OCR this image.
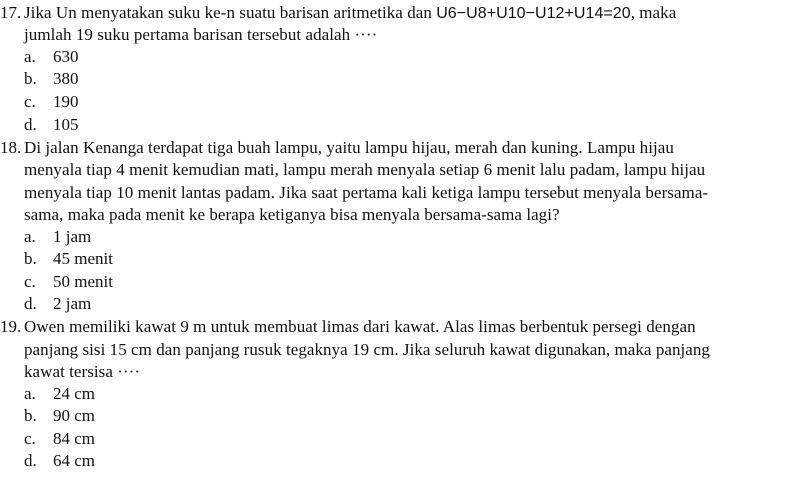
17. Jika Un menyatakan suku ke-n suatu barisan aritmetika dan U6−U8+U10−U12+U14=20, maka
jumlah 19 suku pertama barisan tersebut adalah ····
a. 630
b. 380
c. 190
d. 105
18. Di jalan Kenanga terdapat tiga buah lampu, yaitu lampu hijau, merah dan kuning. Lampu hijau
menyala tiap 4 menit kemudian mati, lampu merah menyala setiap 6 menit lalu padam, lampu hijau
menyala tiap 10 menit lantas padam. Jika saat pertama kali ketiga lampu tersebut menyala bersama-
sama, maka pada menit ke berapa ketiganya bisa menyala bersama-sama lagi?
a. 1 jam
b. 45 menit
c. 50 menit
d. 2 jam
19. Owen memiliki kawat 9 m untuk membuat limas dari kawat. Alas limas berbentuk persegi dengan
panjang sisi 15 cm dan panjang rusuk tegaknya 19 cm. Jika seluruh kawat digunakan, maka panjang
kawat tersisa ····
a. 24 cm
b. 90 cm
c. 84 cm
d. 64 cm
